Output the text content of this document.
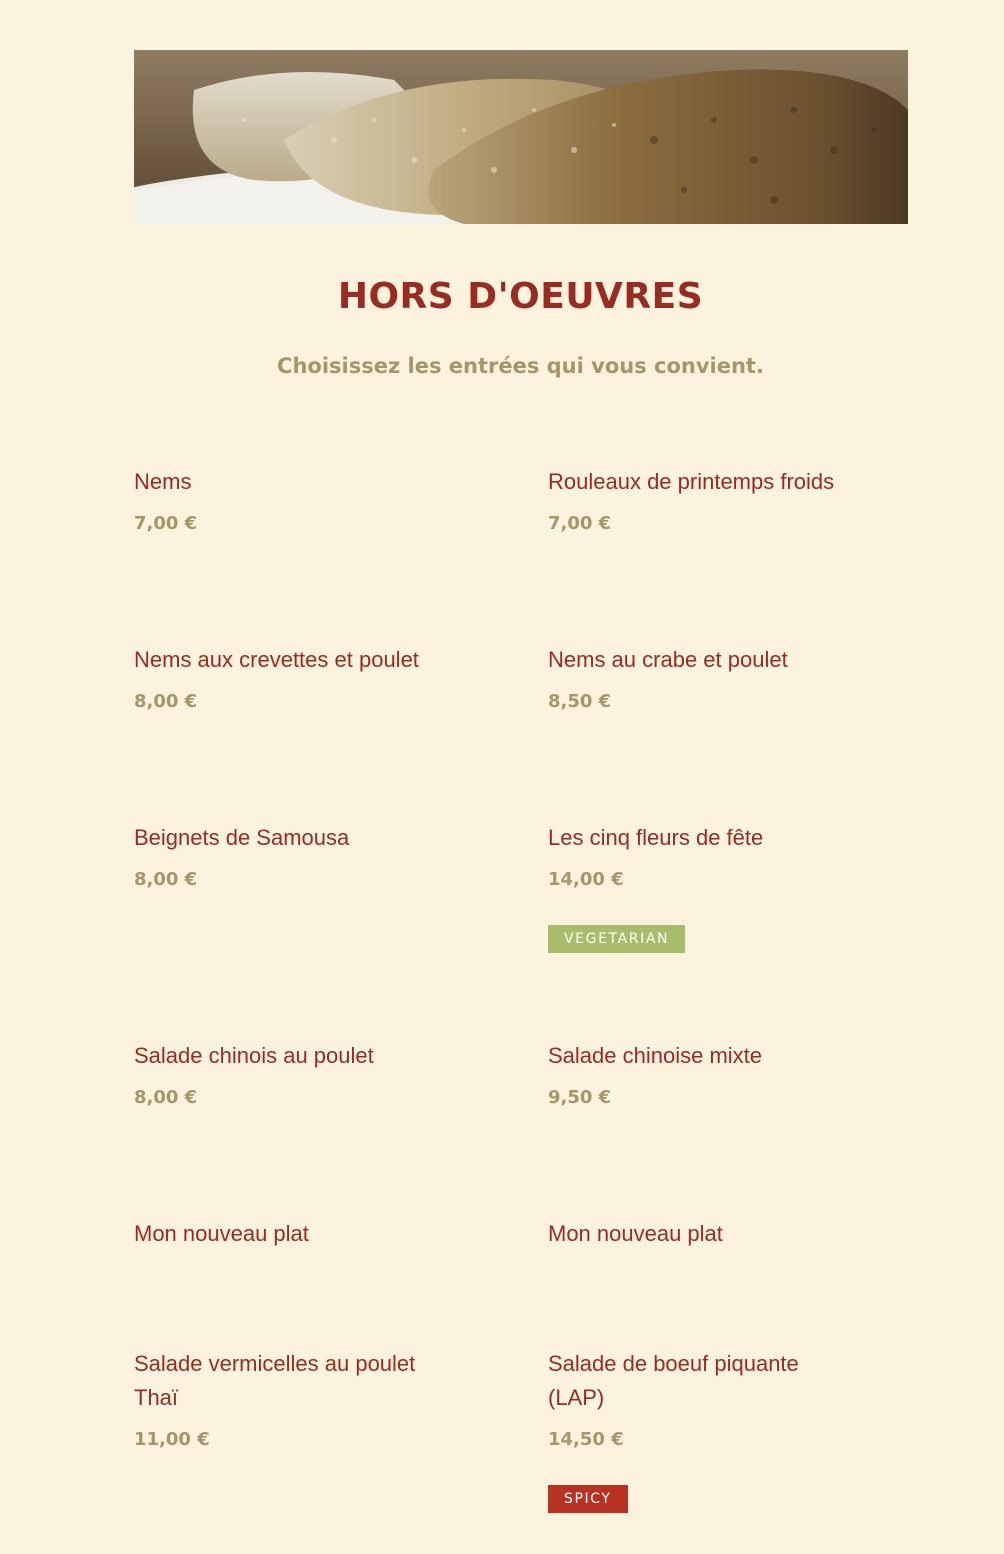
HORS D'OEUVRES
Choisissez les entrées qui vous convient.
Nems
7,00 €
Rouleaux de printemps froids
7,00 €
Nems aux crevettes et poulet
8,00 €
Nems au crabe et poulet
8,50 €
Beignets de Samousa
8,00 €
Les cinq fleurs de fête
14,00 €
VEGETARIAN
Salade chinois au poulet
8,00 €
Salade chinoise mixte
9,50 €
Mon nouveau plat	Mon nouveau plat
Salade vermicelles au poulet Thaï
11,00 €
Salade de boeuf piquante (LAP)
14,50 €
SPICY
